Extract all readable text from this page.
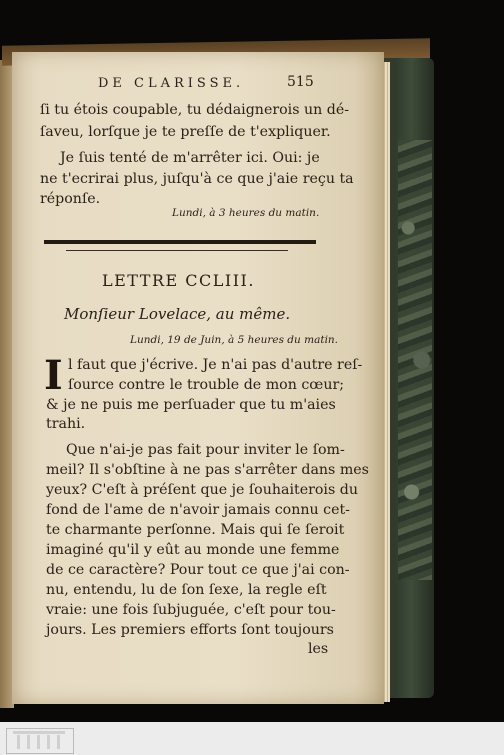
DE CLARISSE.	515
ſi tu étois coupable, tu dédaignerois un dé-
ſaveu, lorſque je te preſſe de t'expliquer.
Je ſuis tenté de m'arrêter ici. Oui: je
ne t'ecrirai plus, juſqu'à ce que j'aie reçu ta
réponſe.
Lundi, à 3 heures du matin.
LETTRE CCLIII.
Monſieur Lovelace, au même.
Lundi, 19 de Juin, à 5 heures du matin.
I l faut que j'écrive. Je n'ai pas d'autre reſ-
ſource contre le trouble de mon cœur;
& je ne puis me perſuader que tu m'aies
trahi.
Que n'ai-je pas fait pour inviter le ſom-
meil? Il s'obſtine à ne pas s'arrêter dans mes
yeux? C'eſt à préſent que je ſouhaiterois du
fond de l'ame de n'avoir jamais connu cet-
te charmante perſonne. Mais qui ſe ſeroit
imaginé qu'il y eût au monde une femme
de ce caractère? Pour tout ce que j'ai con-
nu, entendu, lu de ſon ſexe, la regle eſt
vraie: une fois ſubjuguée, c'eſt pour tou-
jours. Les premiers efforts ſont toujours
les
